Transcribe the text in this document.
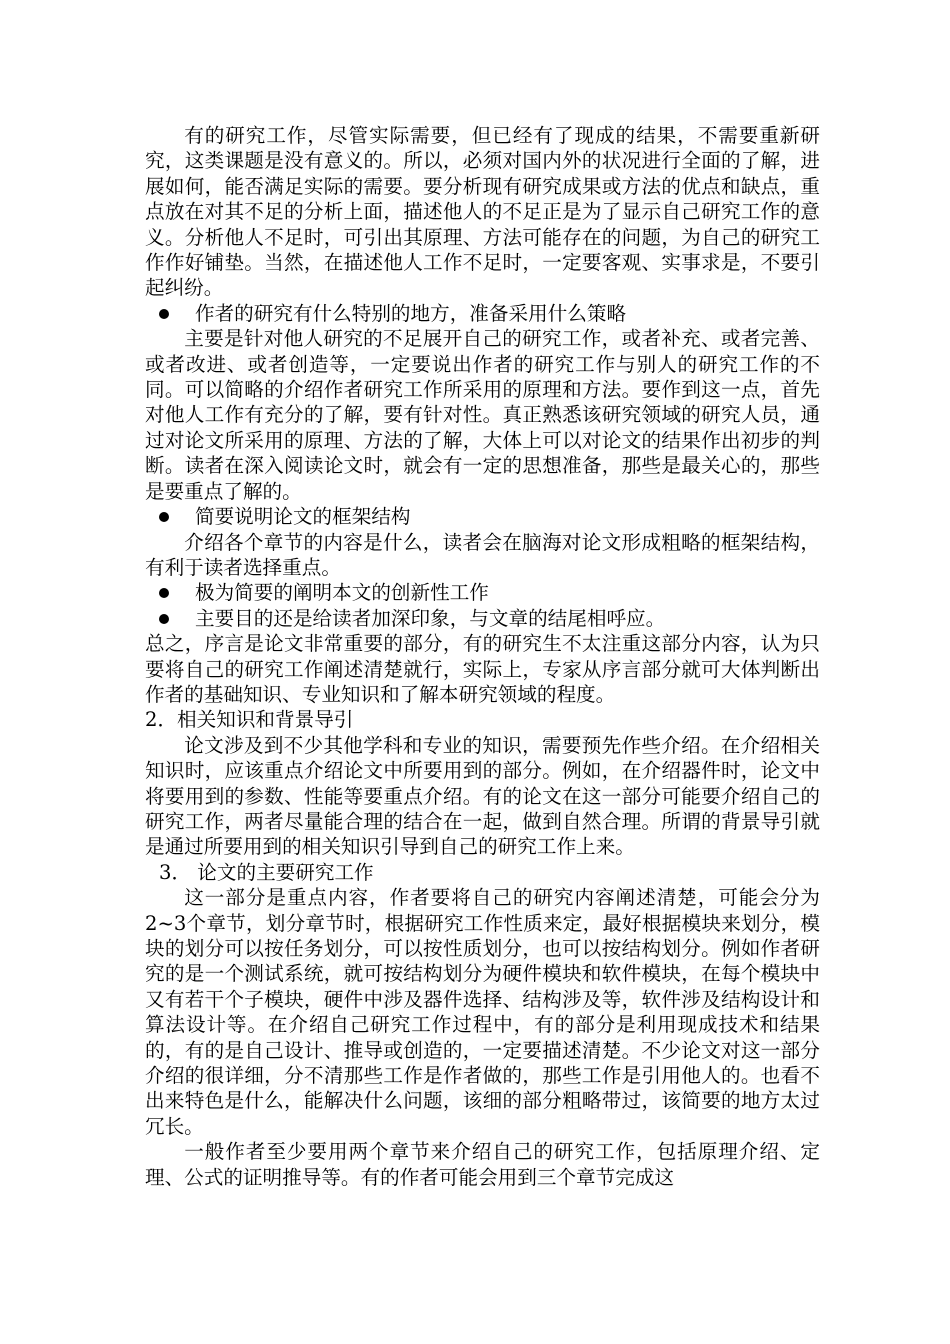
有的研究工作，尽管实际需要，但已经有了现成的结果，不需要重新研究，这类课题是没有意义的。所以，必须对国内外的状况进行全面的了解，进展如何，能否满足实际的需要。要分析现有研究成果或方法的优点和缺点，重点放在对其不足的分析上面，描述他人的不足正是为了显示自己研究工作的意义。分析他人不足时，可引出其原理、方法可能存在的问题，为自己的研究工作作好铺垫。当然，在描述他人工作不足时，一定要客观、实事求是，不要引起纠纷。

作者的研究有什么特别的地方，准备采用什么策略

主要是针对他人研究的不足展开自己的研究工作，或者补充、或者完善、或者改进、或者创造等，一定要说出作者的研究工作与别人的研究工作的不同。可以简略的介绍作者研究工作所采用的原理和方法。要作到这一点，首先对他人工作有充分的了解，要有针对性。真正熟悉该研究领域的研究人员，通过对论文所采用的原理、方法的了解，大体上可以对论文的结果作出初步的判断。读者在深入阅读论文时，就会有一定的思想准备，那些是最关心的，那些是要重点了解的。

简要说明论文的框架结构

介绍各个章节的内容是什么，读者会在脑海对论文形成粗略的框架结构，有利于读者选择重点。

极为简要的阐明本文的创新性工作

主要目的还是给读者加深印象，与文章的结尾相呼应。

总之，序言是论文非常重要的部分，有的研究生不太注重这部分内容，认为只要将自己的研究工作阐述清楚就行，实际上，专家从序言部分就可大体判断出作者的基础知识、专业知识和了解本研究领域的程度。

2．相关知识和背景导引

论文涉及到不少其他学科和专业的知识，需要预先作些介绍。在介绍相关知识时，应该重点介绍论文中所要用到的部分。例如，在介绍器件时，论文中将要用到的参数、性能等要重点介绍。有的论文在这一部分可能要介绍自己的研究工作，两者尽量能合理的结合在一起，做到自然合理。所谓的背景导引就是通过所要用到的相关知识引导到自己的研究工作上来。

3． 论文的主要研究工作

这一部分是重点内容，作者要将自己的研究内容阐述清楚，可能会分为2~3个章节，划分章节时，根据研究工作性质来定，最好根据模块来划分，模块的划分可以按任务划分，可以按性质划分，也可以按结构划分。例如作者研究的是一个测试系统，就可按结构划分为硬件模块和软件模块，在每个模块中又有若干个子模块，硬件中涉及器件选择、结构涉及等，软件涉及结构设计和算法设计等。在介绍自己研究工作过程中，有的部分是利用现成技术和结果的，有的是自己设计、推导或创造的，一定要描述清楚。不少论文对这一部分介绍的很详细，分不清那些工作是作者做的，那些工作是引用他人的。也看不出来特色是什么，能解决什么问题，该细的部分粗略带过，该简要的地方太过冗长。

一般作者至少要用两个章节来介绍自己的研究工作，包括原理介绍、定理、公式的证明推导等。有的作者可能会用到三个章节完成这
